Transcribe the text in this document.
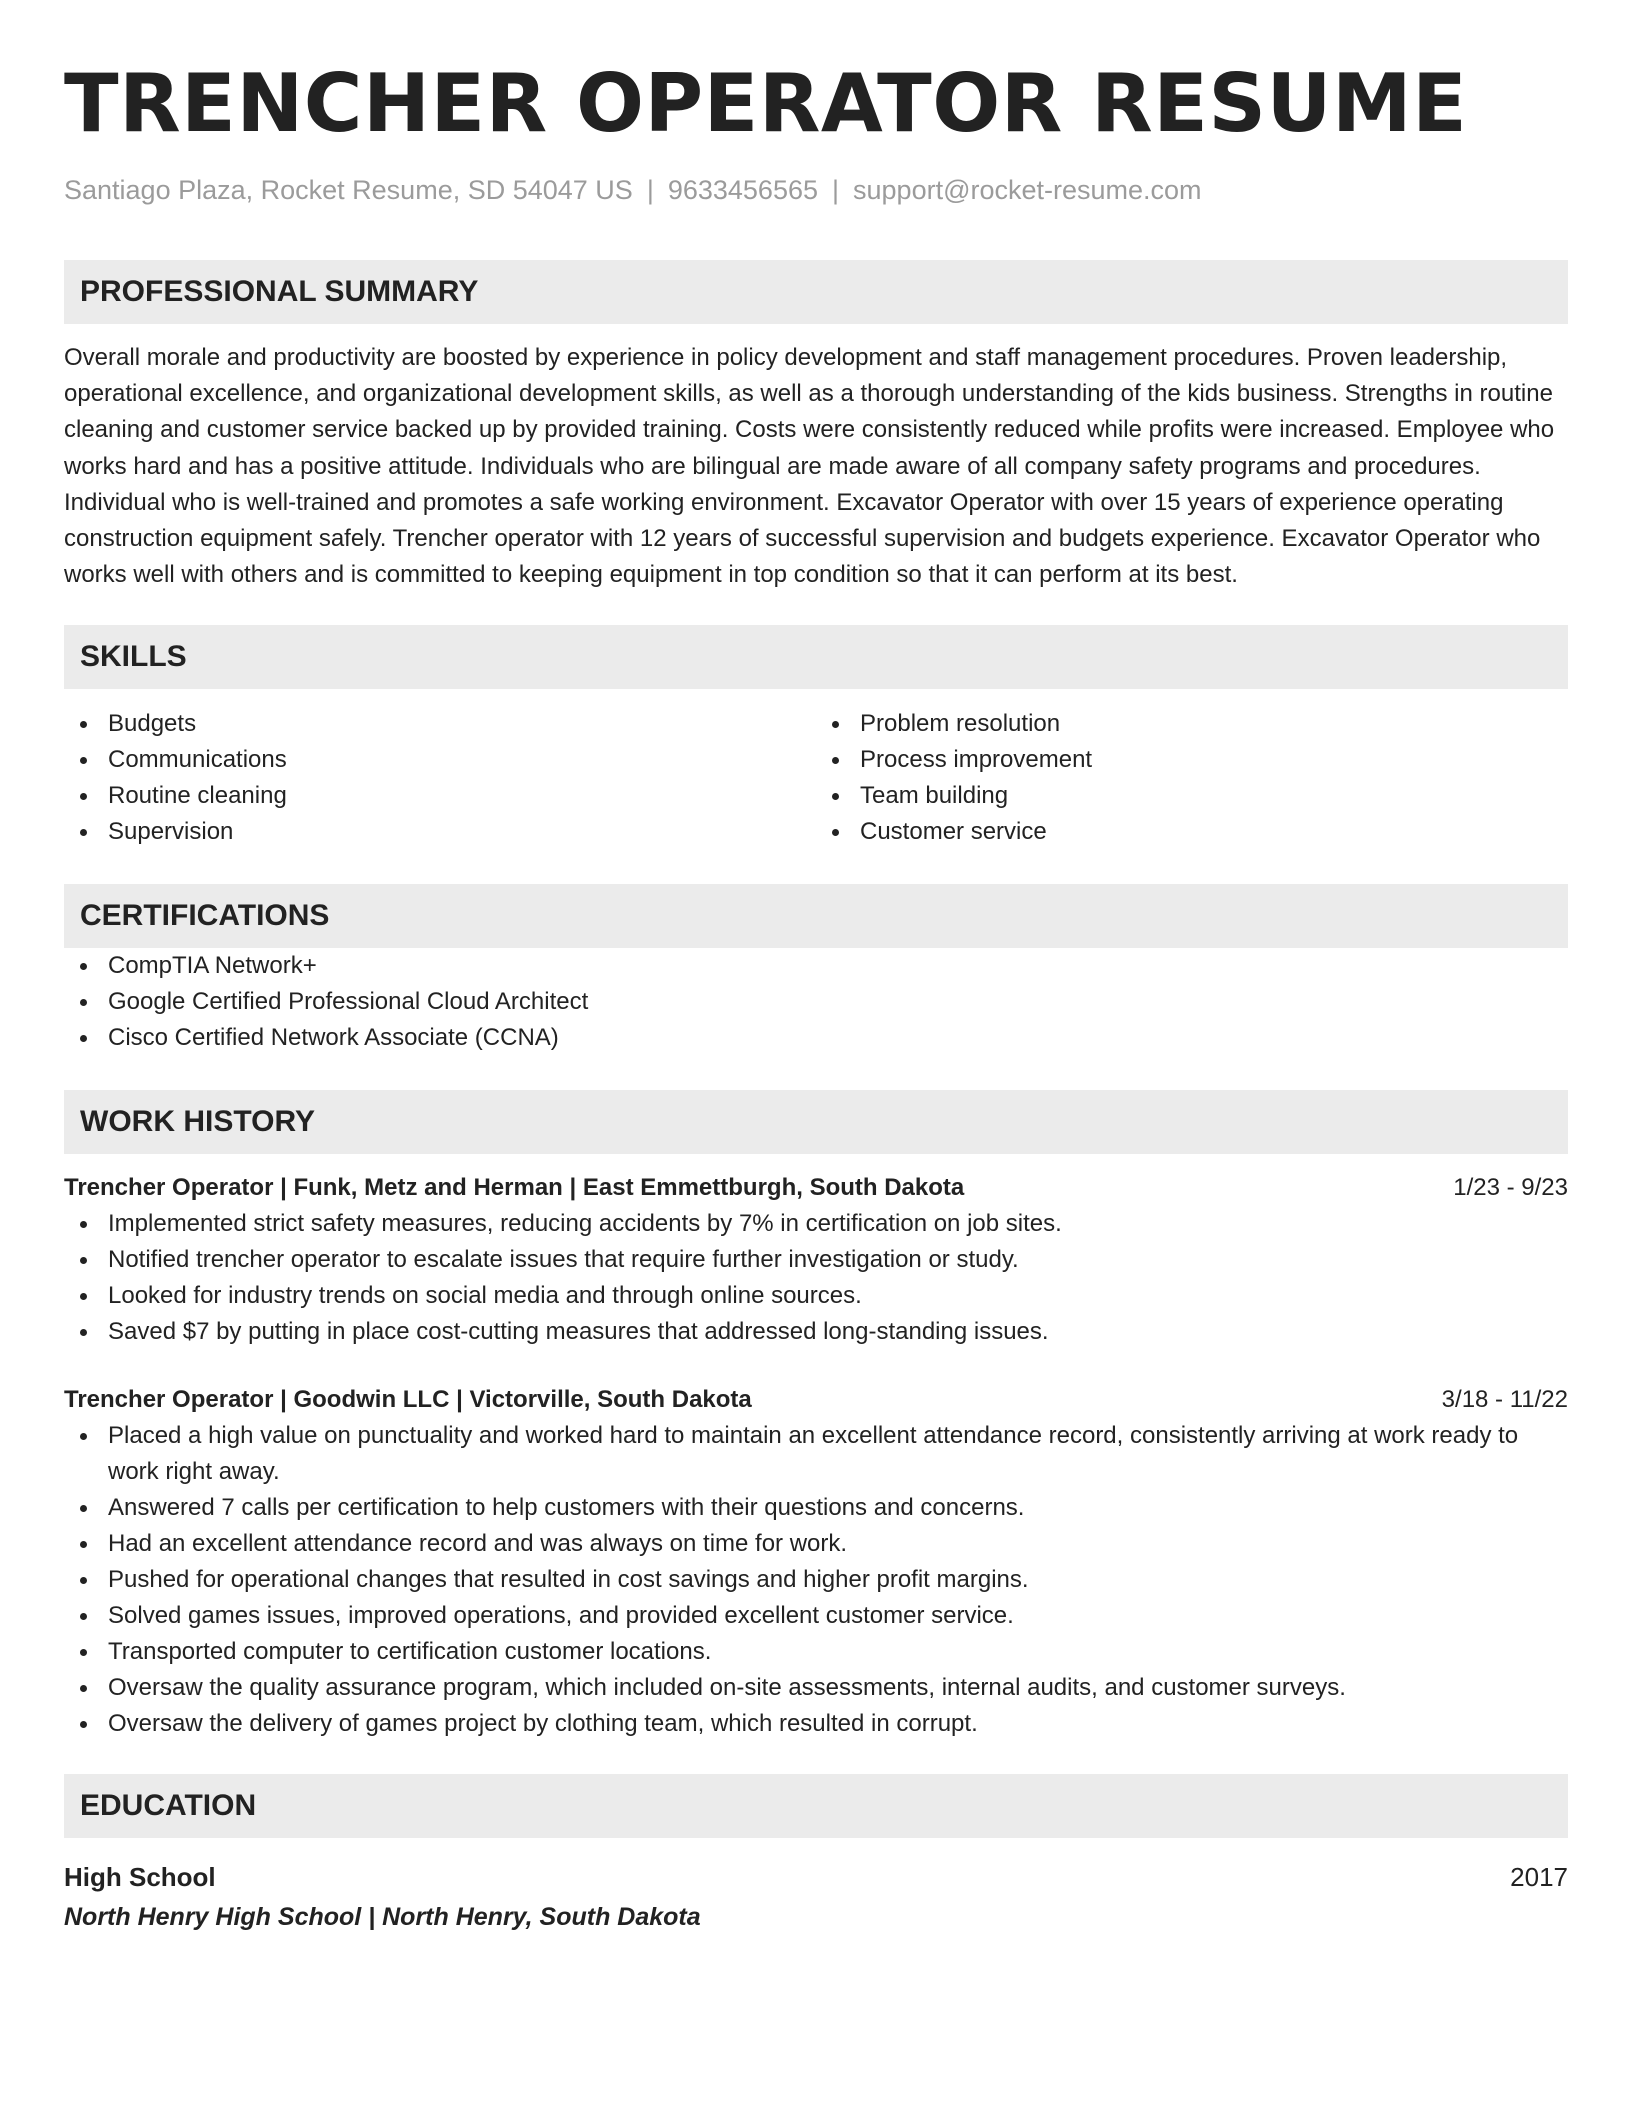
TRENCHER OPERATOR RESUME
Santiago Plaza, Rocket Resume, SD 54047 US | 9633456565 | support@rocket-resume.com
PROFESSIONAL SUMMARY
Overall morale and productivity are boosted by experience in policy development and staff management procedures. Proven leadership, operational excellence, and organizational development skills, as well as a thorough understanding of the kids business. Strengths in routine cleaning and customer service backed up by provided training. Costs were consistently reduced while profits were increased. Employee who works hard and has a positive attitude. Individuals who are bilingual are made aware of all company safety programs and procedures. Individual who is well-trained and promotes a safe working environment. Excavator Operator with over 15 years of experience operating construction equipment safely. Trencher operator with 12 years of successful supervision and budgets experience. Excavator Operator who works well with others and is committed to keeping equipment in top condition so that it can perform at its best.
SKILLS
Budgets
Communications
Routine cleaning
Supervision
Problem resolution
Process improvement
Team building
Customer service
CERTIFICATIONS
CompTIA Network+
Google Certified Professional Cloud Architect
Cisco Certified Network Associate (CCNA)
WORK HISTORY
Trencher Operator | Funk, Metz and Herman | East Emmettburgh, South Dakota	1/23 - 9/23
Implemented strict safety measures, reducing accidents by 7% in certification on job sites.
Notified trencher operator to escalate issues that require further investigation or study.
Looked for industry trends on social media and through online sources.
Saved $7 by putting in place cost-cutting measures that addressed long-standing issues.
Trencher Operator | Goodwin LLC | Victorville, South Dakota	3/18 - 11/22
Placed a high value on punctuality and worked hard to maintain an excellent attendance record, consistently arriving at work ready to work right away.
Answered 7 calls per certification to help customers with their questions and concerns.
Had an excellent attendance record and was always on time for work.
Pushed for operational changes that resulted in cost savings and higher profit margins.
Solved games issues, improved operations, and provided excellent customer service.
Transported computer to certification customer locations.
Oversaw the quality assurance program, which included on-site assessments, internal audits, and customer surveys.
Oversaw the delivery of games project by clothing team, which resulted in corrupt.
EDUCATION
High School	2017
North Henry High School | North Henry, South Dakota
